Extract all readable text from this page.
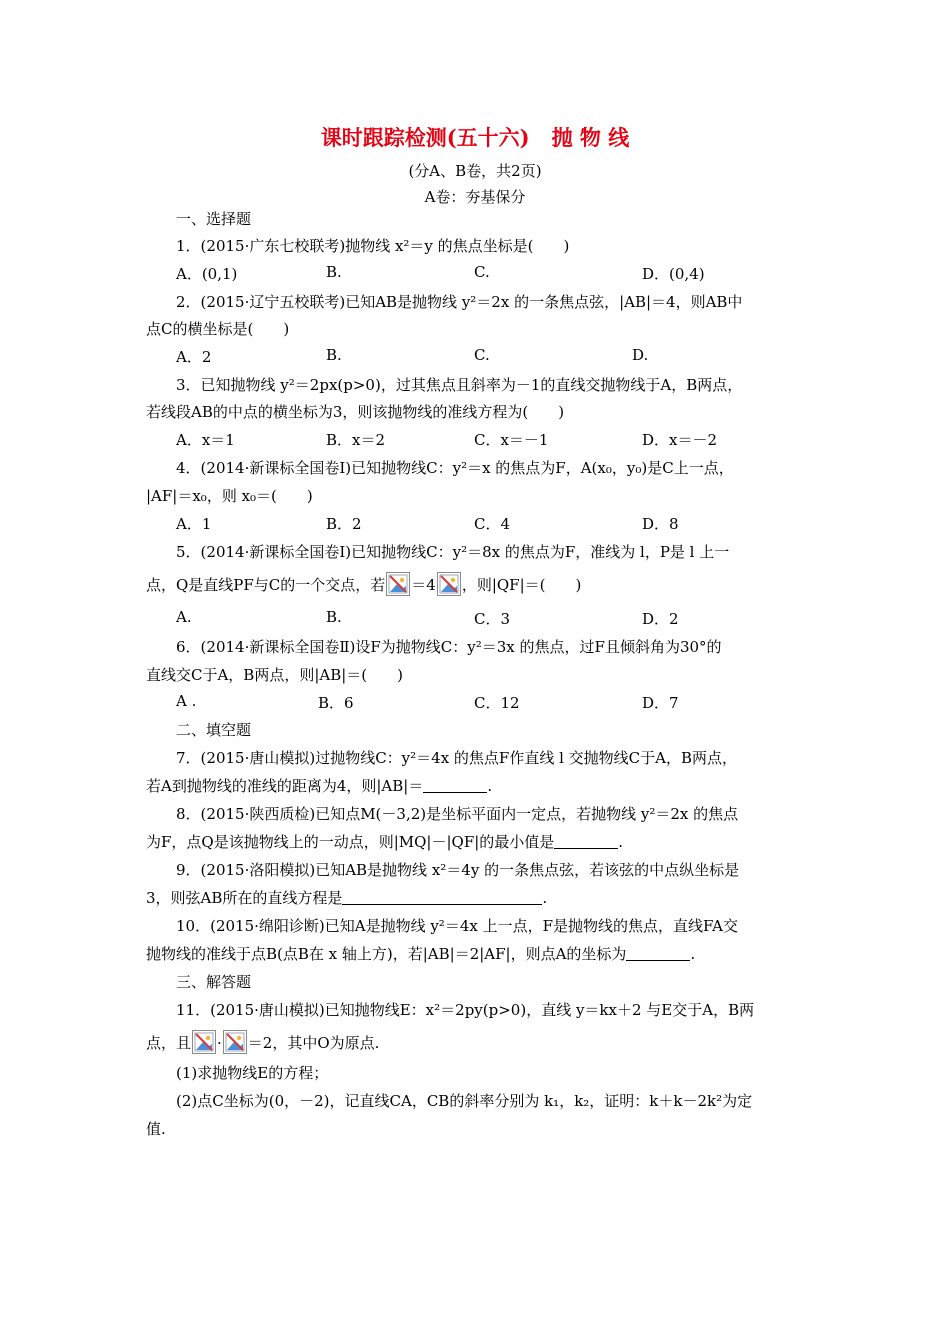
课时跟踪检测(五十六) 抛 物 线
(分A、B卷，共2页)
A卷：夯基保分
一、选择题
1．(2015·广东七校联考)抛物线 x²＝y 的焦点坐标是(　　)
A．(0,1)	B.	C.	D．(0,4)
2．(2015·辽宁五校联考)已知AB是抛物线 y²＝2x 的一条焦点弦，|AB|＝4，则AB中
点C的横坐标是(　　)
A．2	B.	C.	D.
3．已知抛物线 y²＝2px(p>0)，过其焦点且斜率为－1的直线交抛物线于A，B两点，
若线段AB的中点的横坐标为3，则该抛物线的准线方程为(　　)
A．x＝1	B．x＝2	C．x＝－1	D．x＝－2
4．(2014·新课标全国卷Ⅰ)已知抛物线C：y²＝x 的焦点为F，A(x₀，y₀)是C上一点，
|AF|＝x₀，则 x₀＝(　　)
A．1	B．2	C．4	D．8
5．(2014·新课标全国卷Ⅰ)已知抛物线C：y²＝8x 的焦点为F，准线为 l，P是 l 上一
点，Q是直线PF与C的一个交点，若 ＝4 ，则|QF|＝(　　)
A.	B.	C．3	D．2
6．(2014·新课标全国卷Ⅱ)设F为抛物线C：y²＝3x 的焦点，过F且倾斜角为30°的
直线交C于A，B两点，则|AB|＝(　　)
A .	B．6	C．12	D．7
二、填空题
7．(2015·唐山模拟)过抛物线C：y²＝4x 的焦点F作直线 l 交抛物线C于A，B两点，
若A到抛物线的准线的距离为4，则|AB|＝	.
8．(2015·陕西质检)已知点M(－3,2)是坐标平面内一定点，若抛物线 y²＝2x 的焦点
为F，点Q是该抛物线上的一动点，则|MQ|－|QF|的最小值是	.
9．(2015·洛阳模拟)已知AB是抛物线 x²＝4y 的一条焦点弦，若该弦的中点纵坐标是
3，则弦AB所在的直线方程是	.
10．(2015·绵阳诊断)已知A是抛物线 y²＝4x 上一点，F是抛物线的焦点，直线FA交
抛物线的准线于点B(点B在 x 轴上方)，若|AB|＝2|AF|，则点A的坐标为	.
三、解答题
11．(2015·唐山模拟)已知抛物线E：x²＝2py(p>0)，直线 y＝kx＋2 与E交于A，B两
点，且 · ＝2，其中O为原点.
(1)求抛物线E的方程；
(2)点C坐标为(0，－2)，记直线CA，CB的斜率分别为 k₁，k₂，证明：k＋k－2k²为定
值.
